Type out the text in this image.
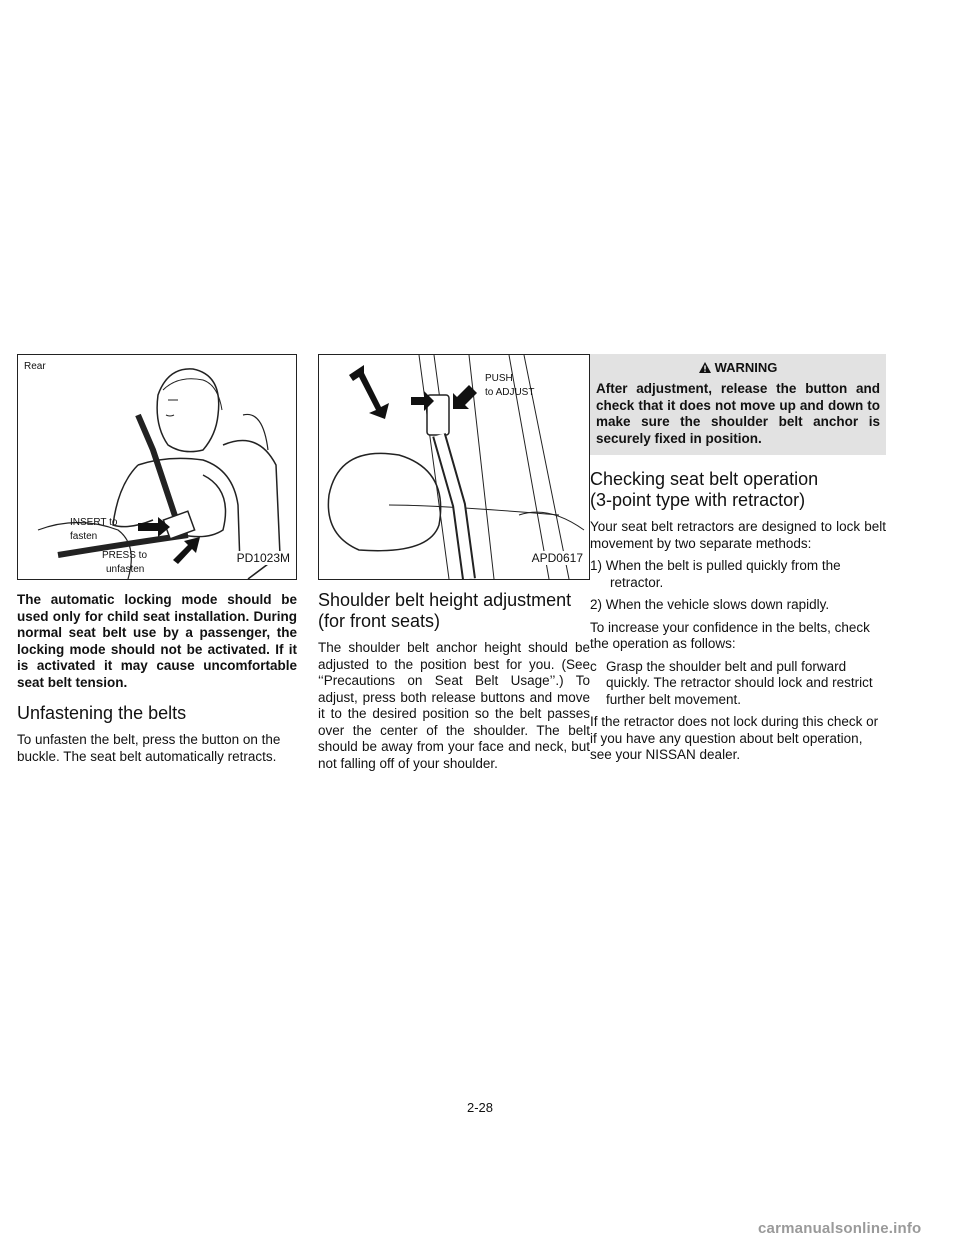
Rear
INSERT to
fasten
PRESS to
unfasten
PD1023M

The automatic locking mode should be used only for child seat installation. During normal seat belt use by a passenger, the locking mode should not be activated. If it is activated it may cause uncomfortable seat belt tension.

Unfastening the belts

To unfasten the belt, press the button on the buckle. The seat belt automatically retracts.

PUSH
to ADJUST
APD0617
Shoulder belt height adjustment
(for front seats)

The shoulder belt anchor height should be adjusted to the position best for you. (See ‘‘Precautions on Seat Belt Usage’’.) To adjust, press both release buttons and move it to the desired position so the belt passes over the center of the shoulder. The belt should be away from your face and neck, but not falling off of your shoulder.

WARNING

After adjustment, release the button and check that it does not move up and down to make sure the shoulder belt anchor is securely fixed in position.

Checking seat belt operation
(3-point type with retractor)

Your seat belt retractors are designed to lock belt movement by two separate methods:

1) When the belt is pulled quickly from the retractor.

2) When the vehicle slows down rapidly.

To increase your confidence in the belts, check the operation as follows:

c Grasp the shoulder belt and pull forward quickly. The retractor should lock and restrict further belt movement.

If the retractor does not lock during this check or if you have any question about belt operation, see your NISSAN dealer.

2-28
carmanualsonline.info
